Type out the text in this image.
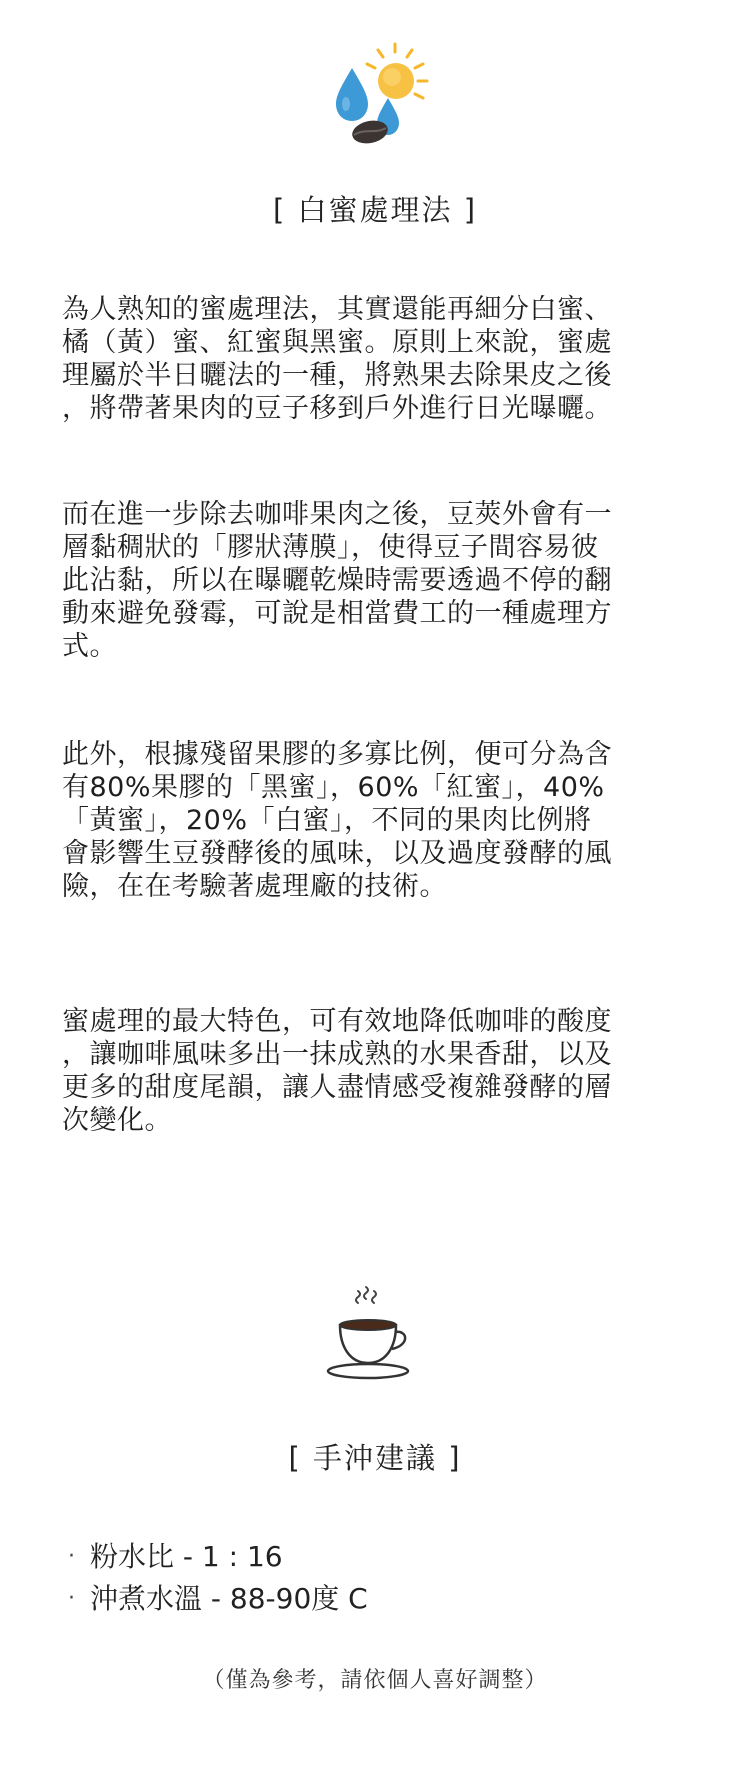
[ 白蜜處理法 ]

為人熟知的蜜處理法，其實還能再細分白蜜、
橘（黃）蜜、紅蜜與黑蜜。原則上來說，蜜處
理屬於半日曬法的一種，將熟果去除果皮之後
，將帶著果肉的豆子移到戶外進行日光曝曬。

而在進一步除去咖啡果肉之後，豆莢外會有一
層黏稠狀的「膠狀薄膜」，使得豆子間容易彼
此沾黏，所以在曝曬乾燥時需要透過不停的翻
動來避免發霉，可說是相當費工的一種處理方
式。

此外，根據殘留果膠的多寡比例，便可分為含
有80%果膠的「黑蜜」，60%「紅蜜」，40%
「黃蜜」，20%「白蜜」，不同的果肉比例將
會影響生豆發酵後的風味，以及過度發酵的風
險，在在考驗著處理廠的技術。

蜜處理的最大特色，可有效地降低咖啡的酸度
，讓咖啡風味多出一抹成熟的水果香甜，以及
更多的甜度尾韻，讓人盡情感受複雜發酵的層
次變化。

[ 手沖建議 ]
· 粉水比 - 1 : 16
· 沖煮水溫 - 88-90度 C
（僅為參考，請依個人喜好調整）
